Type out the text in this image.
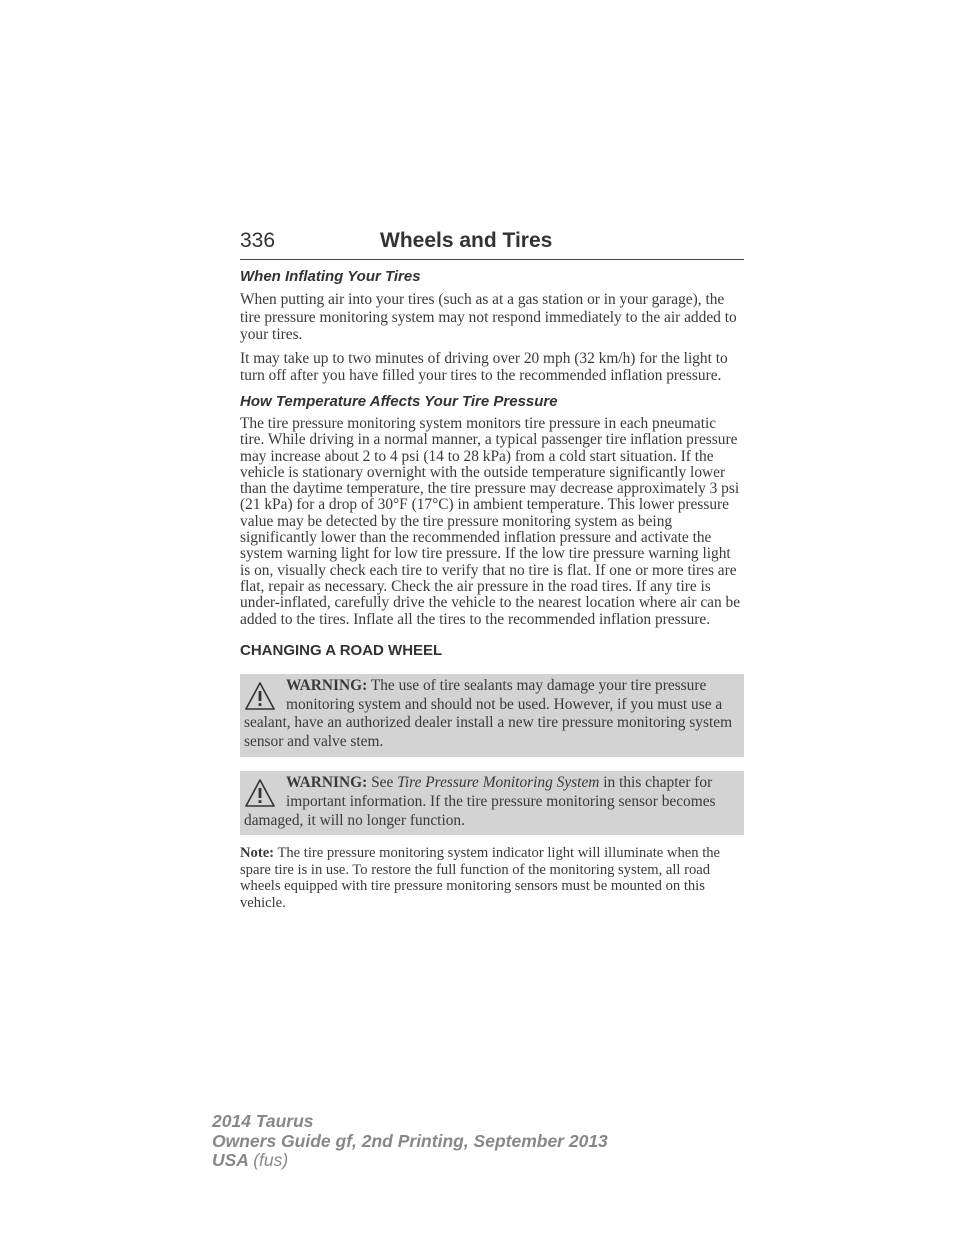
336	Wheels and Tires
When Inflating Your Tires

When putting air into your tires (such as at a gas station or in your garage), the tire pressure monitoring system may not respond immediately to the air added to your tires.

It may take up to two minutes of driving over 20 mph (32 km/h) for the light to turn off after you have filled your tires to the recommended inflation pressure.

How Temperature Affects Your Tire Pressure

The tire pressure monitoring system monitors tire pressure in each pneumatic tire. While driving in a normal manner, a typical passenger tire inflation pressure may increase about 2 to 4 psi (14 to 28 kPa) from a cold start situation. If the vehicle is stationary overnight with the outside temperature significantly lower than the daytime temperature, the tire pressure may decrease approximately 3 psi (21 kPa) for a drop of 30°F (17°C) in ambient temperature. This lower pressure value may be detected by the tire pressure monitoring system as being significantly lower than the recommended inflation pressure and activate the system warning light for low tire pressure. If the low tire pressure warning light is on, visually check each tire to verify that no tire is flat. If one or more tires are flat, repair as necessary. Check the air pressure in the road tires. If any tire is under-inflated, carefully drive the vehicle to the nearest location where air can be added to the tires. Inflate all the tires to the recommended inflation pressure.

CHANGING A ROAD WHEEL
WARNING: The use of tire sealants may damage your tire pressure monitoring system and should not be used. However, if you must use a sealant, have an authorized dealer install a new tire pressure monitoring system sensor and valve stem.
WARNING: See Tire Pressure Monitoring System in this chapter for important information. If the tire pressure monitoring sensor becomes damaged, it will no longer function.

Note: The tire pressure monitoring system indicator light will illuminate when the spare tire is in use. To restore the full function of the monitoring system, all road wheels equipped with tire pressure monitoring sensors must be mounted on this vehicle.

2014 Taurus
Owners Guide gf, 2nd Printing, September 2013
USA (fus)
